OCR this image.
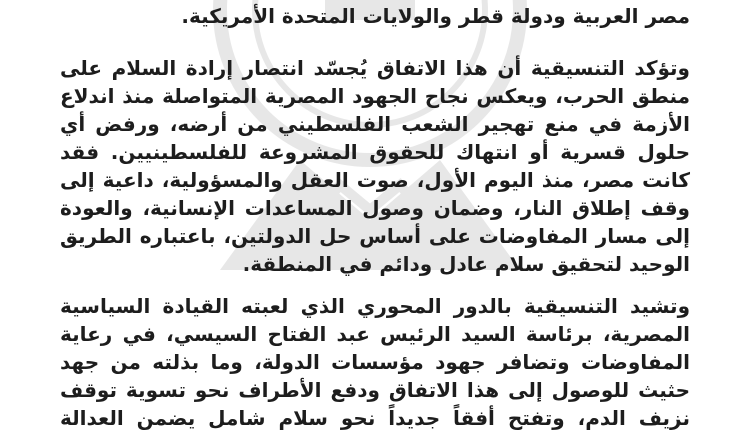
مصر العربية ودولة قطر والولايات المتحدة الأمريكية.
وتؤكد التنسيقية أن هذا الاتفاق يُجسّد انتصار إرادة السلام على
منطق الحرب، ويعكس نجاح الجهود المصرية المتواصلة منذ اندلاع
الأزمة في منع تهجير الشعب الفلسطيني من أرضه، ورفض أي
حلول قسرية أو انتهاك للحقوق المشروعة للفلسطينيين. فقد
كانت مصر، منذ اليوم الأول، صوت العقل والمسؤولية، داعية إلى
وقف إطلاق النار، وضمان وصول المساعدات الإنسانية، والعودة
إلى مسار المفاوضات على أساس حل الدولتين، باعتباره الطريق
الوحيد لتحقيق سلام عادل ودائم في المنطقة.
وتشيد التنسيقية بالدور المحوري الذي لعبته القيادة السياسية
المصرية، برئاسة السيد الرئيس عبد الفتاح السيسي، في رعاية
المفاوضات وتضافر جهود مؤسسات الدولة، وما بذلته من جهد
حثيث للوصول إلى هذا الاتفاق ودفع الأطراف نحو تسوية توقف
نزيف الدم، وتفتح أفقاً جديداً نحو سلام شامل يضمن العدالة
